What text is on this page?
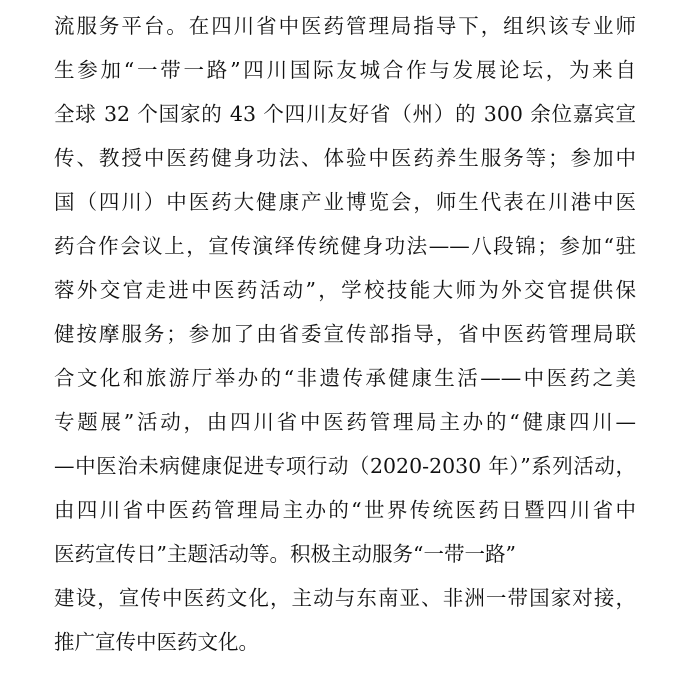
流服务平台。在四川省中医药管理局指导下，组织该专业师
生参加“一带一路”四川国际友城合作与发展论坛，为来自
全球 32 个国家的 43 个四川友好省（州）的 300 余位嘉宾宣
传、教授中医药健身功法、体验中医药养生服务等；参加中
国（四川）中医药大健康产业博览会，师生代表在川港中医
药合作会议上，宣传演绎传统健身功法——八段锦；参加“驻
蓉外交官走进中医药活动”，学校技能大师为外交官提供保
健按摩服务；参加了由省委宣传部指导，省中医药管理局联
合文化和旅游厅举办的“非遗传承健康生活——中医药之美
专题展”活动，由四川省中医药管理局主办的“健康四川—
—中医治未病健康促进专项行动（2020-2030 年）”系列活动，
由四川省中医药管理局主办的“世界传统医药日暨四川省中
医药宣传日”主题活动等。积极主动服务“一带一路”
建设，宣传中医药文化，主动与东南亚、非洲一带国家对接，
推广宣传中医药文化。
